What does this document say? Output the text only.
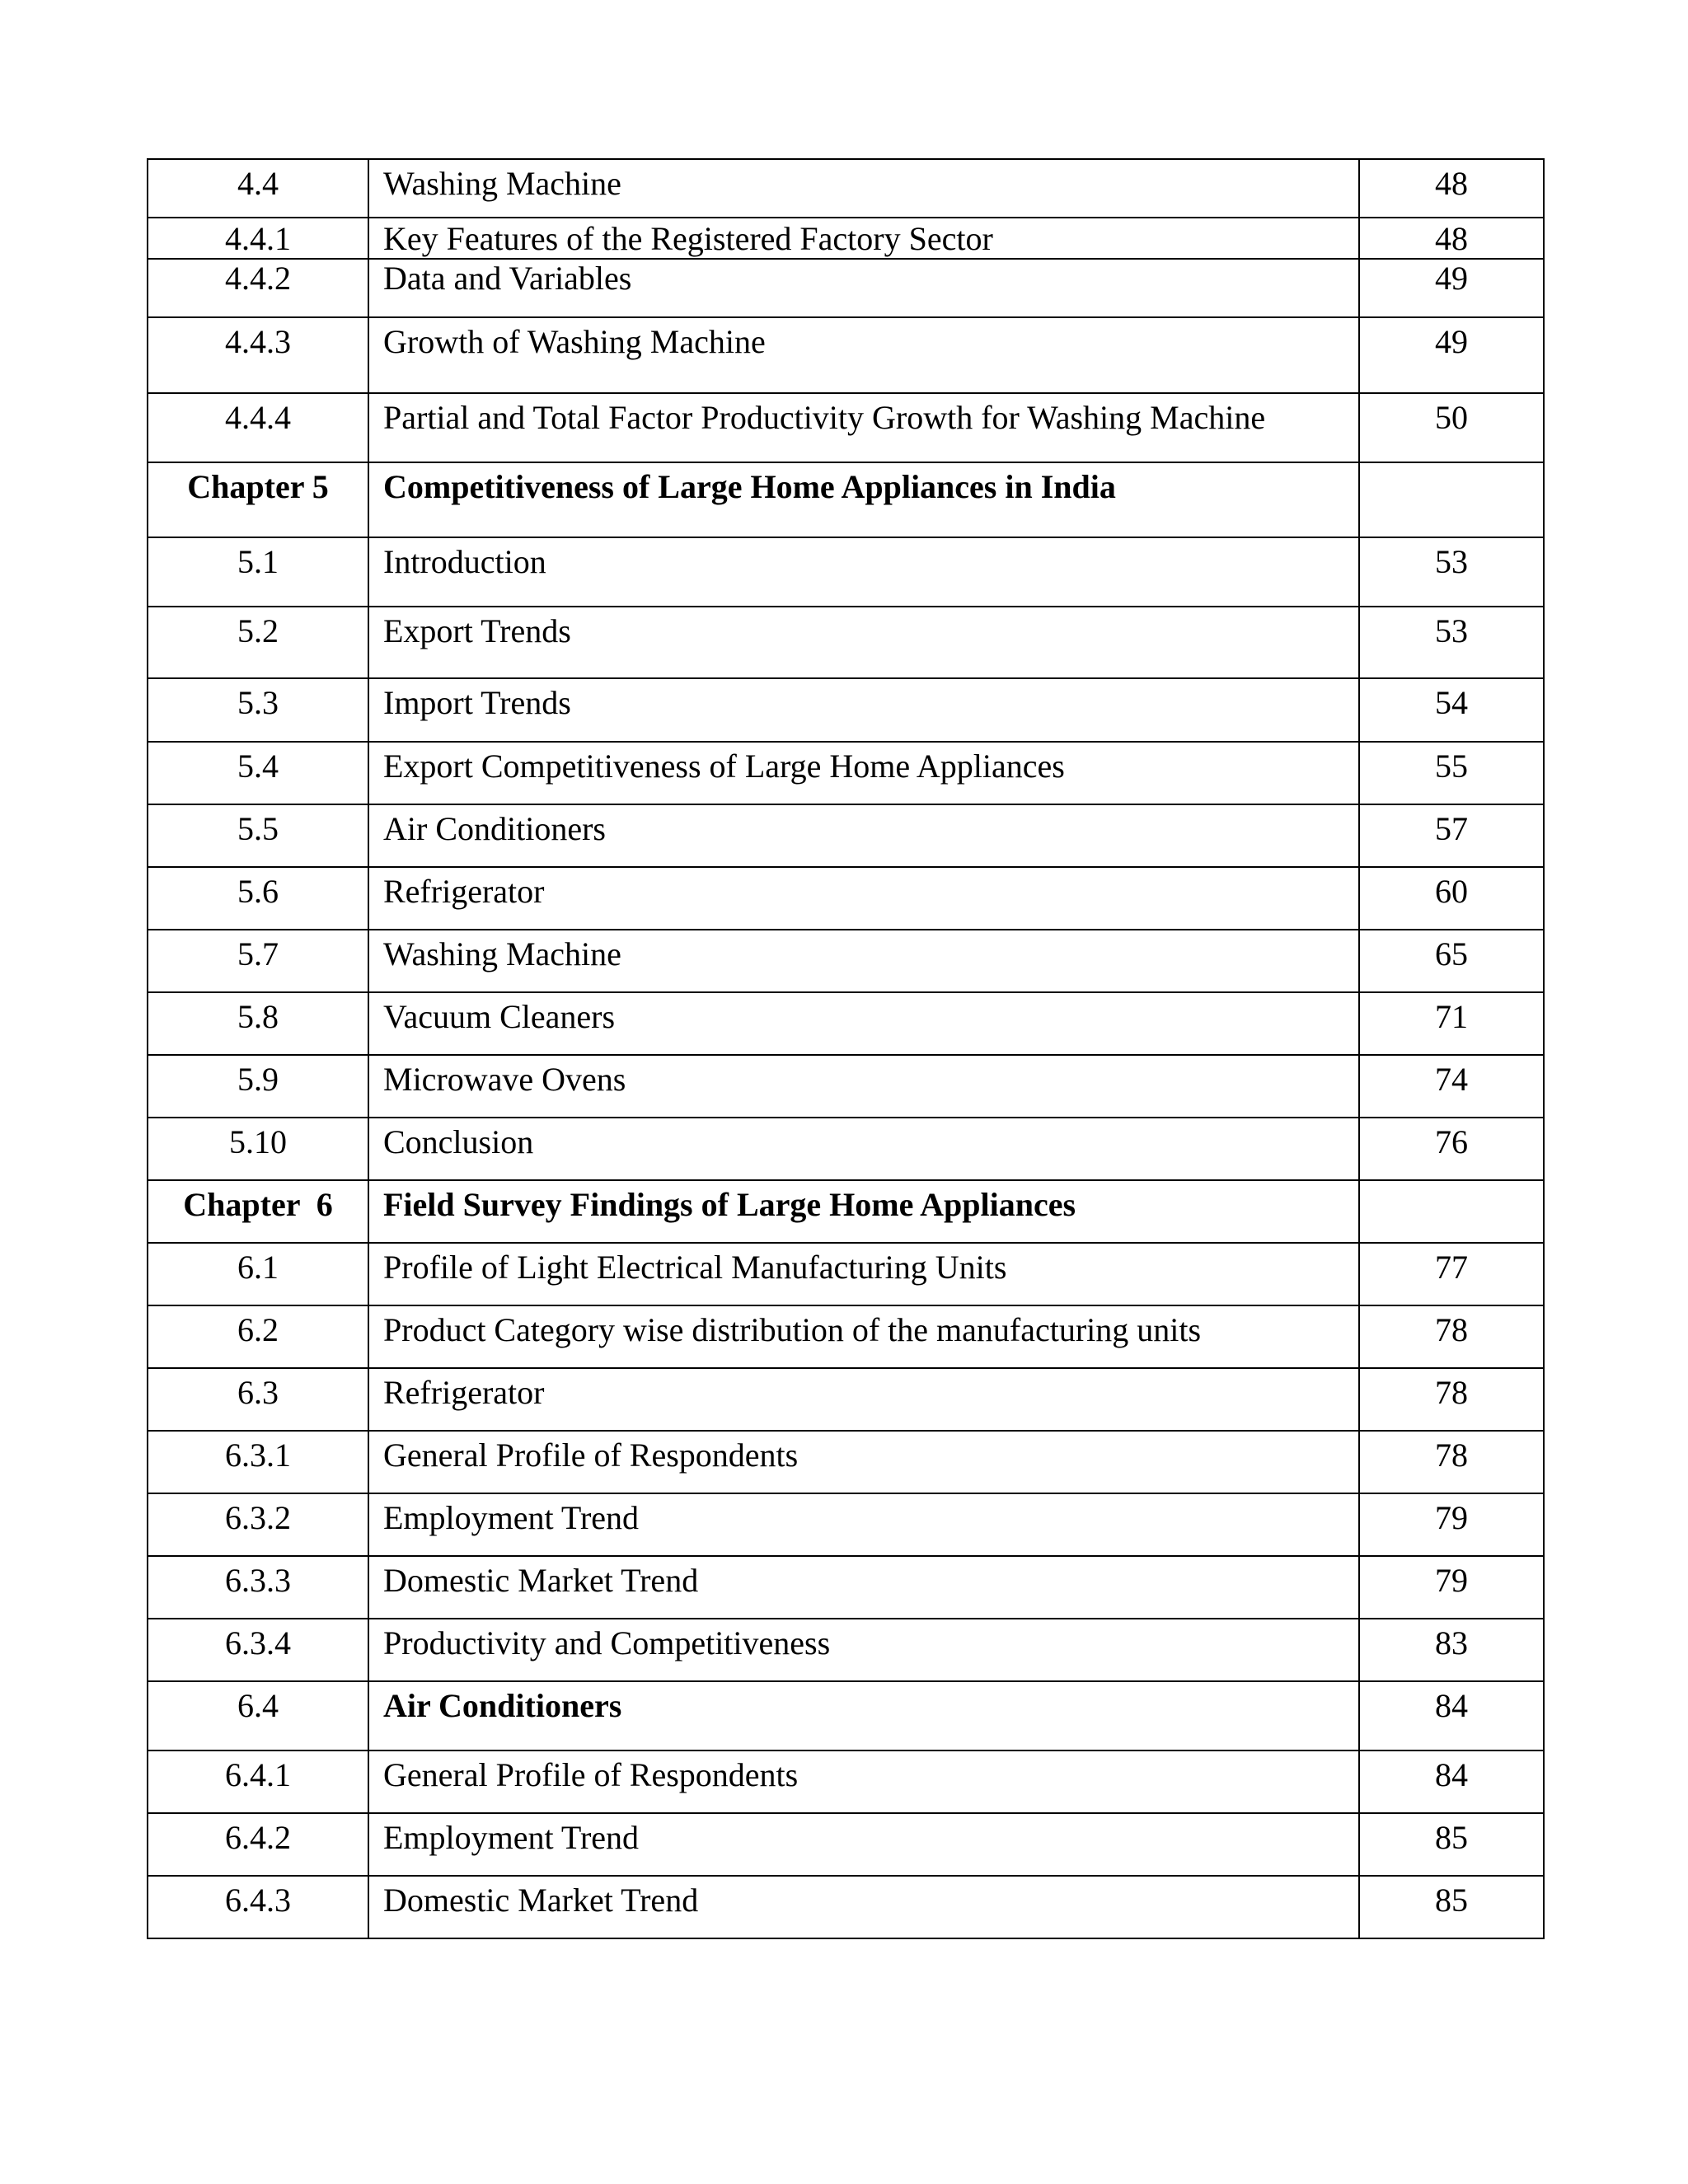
4.4	Washing Machine	48
4.4.1	Key Features of the Registered Factory Sector	48
4.4.2	Data and Variables	49
4.4.3	Growth of Washing Machine	49
4.4.4	Partial and Total Factor Productivity Growth for Washing Machine	50
Chapter 5	Competitiveness of Large Home Appliances in India	
5.1	Introduction	53
5.2	Export Trends	53
5.3	Import Trends	54
5.4	Export Competitiveness of Large Home Appliances	55
5.5	Air Conditioners	57
5.6	Refrigerator	60
5.7	Washing Machine	65
5.8	Vacuum Cleaners	71
5.9	Microwave Ovens	74
5.10	Conclusion	76
Chapter  6	Field Survey Findings of Large Home Appliances	
6.1	Profile of Light Electrical Manufacturing Units	77
6.2	Product Category wise distribution of the manufacturing units	78
6.3	Refrigerator	78
6.3.1	General Profile of Respondents	78
6.3.2	Employment Trend	79
6.3.3	Domestic Market Trend	79
6.3.4	Productivity and Competitiveness	83
6.4	Air Conditioners	84
6.4.1	General Profile of Respondents	84
6.4.2	Employment Trend	85
6.4.3	Domestic Market Trend	85
